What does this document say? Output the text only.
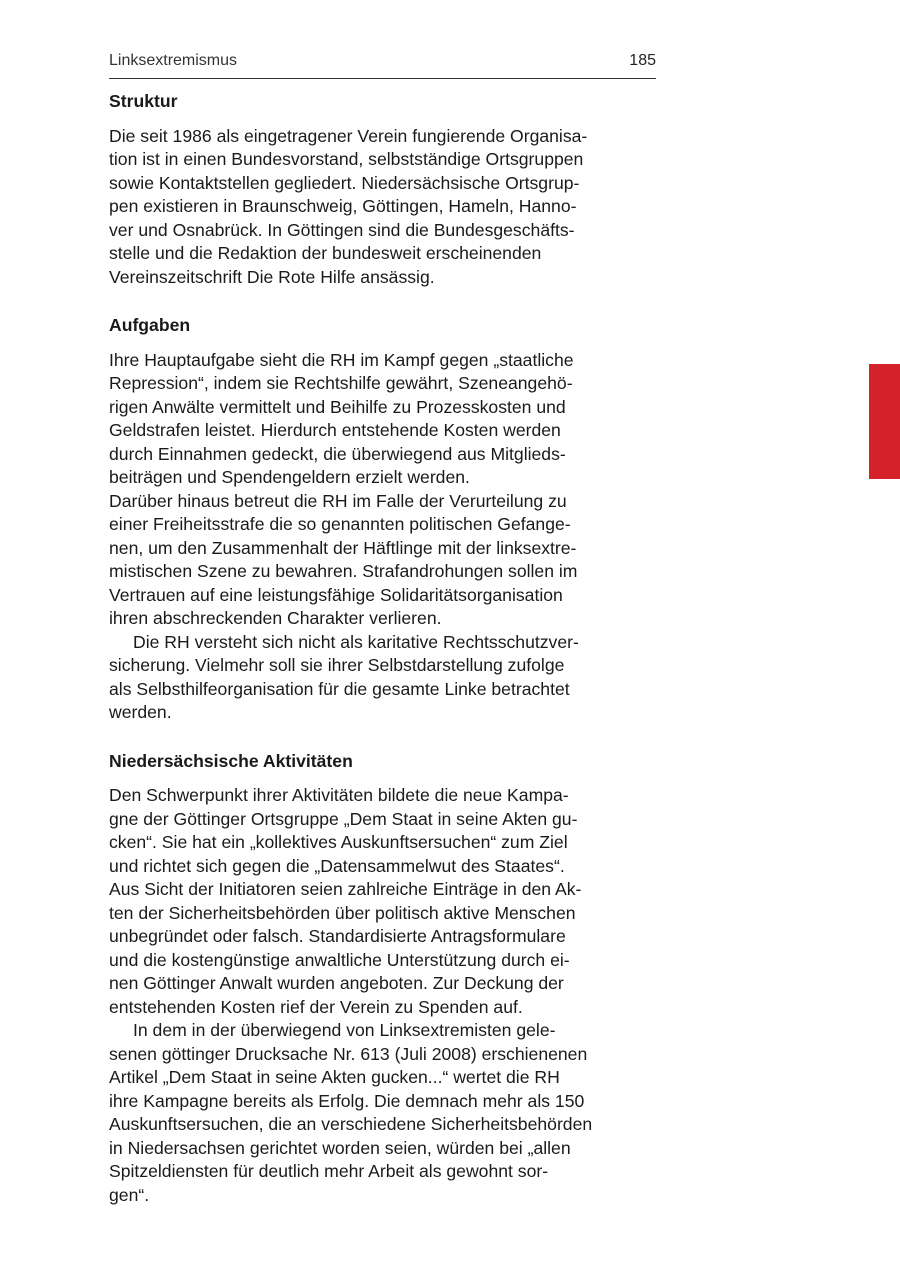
Linksextremismus	185
Struktur
Die seit 1986 als eingetragener Verein fungierende Organisa-
tion ist in einen Bundesvorstand, selbstständige Ortsgruppen
sowie Kontaktstellen gegliedert. Niedersächsische Ortsgrup-
pen existieren in Braunschweig, Göttingen, Hameln, Hanno-
ver und Osnabrück. In Göttingen sind die Bundesgeschäfts-
stelle und die Redaktion der bundesweit erscheinenden
Vereinszeitschrift Die Rote Hilfe ansässig.
Aufgaben
Ihre Hauptaufgabe sieht die RH im Kampf gegen „staatliche
Repression“, indem sie Rechtshilfe gewährt, Szeneangehö-
rigen Anwälte vermittelt und Beihilfe zu Prozesskosten und
Geldstrafen leistet. Hierdurch entstehende Kosten werden
durch Einnahmen gedeckt, die überwiegend aus Mitglieds-
beiträgen und Spendengeldern erzielt werden.
Darüber hinaus betreut die RH im Falle der Verurteilung zu
einer Freiheitsstrafe die so genannten politischen Gefange-
nen, um den Zusammenhalt der Häftlinge mit der linksextre-
mistischen Szene zu bewahren. Strafandrohungen sollen im
Vertrauen auf eine leistungsfähige Solidaritätsorganisation
ihren abschreckenden Charakter verlieren.
Die RH versteht sich nicht als karitative Rechtsschutzver-
sicherung. Vielmehr soll sie ihrer Selbstdarstellung zufolge
als Selbsthilfeorganisation für die gesamte Linke betrachtet
werden.
Niedersächsische Aktivitäten
Den Schwerpunkt ihrer Aktivitäten bildete die neue Kampa-
gne der Göttinger Ortsgruppe „Dem Staat in seine Akten gu-
cken“. Sie hat ein „kollektives Auskunftsersuchen“ zum Ziel
und richtet sich gegen die „Datensammelwut des Staates“.
Aus Sicht der Initiatoren seien zahlreiche Einträge in den Ak-
ten der Sicherheitsbehörden über politisch aktive Menschen
unbegründet oder falsch. Standardisierte Antragsformulare
und die kostengünstige anwaltliche Unterstützung durch ei-
nen Göttinger Anwalt wurden angeboten. Zur Deckung der
entstehenden Kosten rief der Verein zu Spenden auf.
In dem in der überwiegend von Linksextremisten gele-
senen göttinger Drucksache Nr. 613 (Juli 2008) erschienenen
Artikel „Dem Staat in seine Akten gucken...“ wertet die RH
ihre Kampagne bereits als Erfolg. Die demnach mehr als 150
Auskunftsersuchen, die an verschiedene Sicherheitsbehörden
in Niedersachsen gerichtet worden seien, würden bei „allen
Spitzeldiensten für deutlich mehr Arbeit als gewohnt sor-
gen“.
